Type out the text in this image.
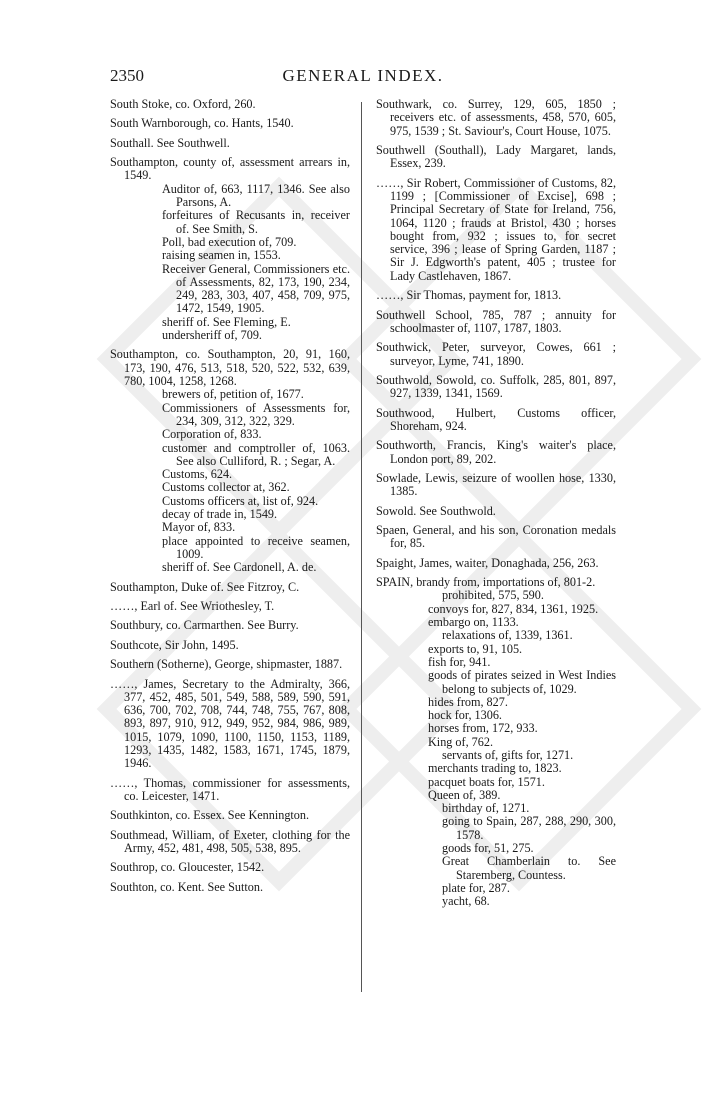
2350	GENERAL INDEX.

South Stoke, co. Oxford, 260.

South Warnborough, co. Hants, 1540.

Southall. See Southwell.

Southampton, county of, assessment arrears in, 1549.

Auditor of, 663, 1117, 1346. See also Parsons, A.

forfeitures of Recusants in, receiver of. See Smith, S.

Poll, bad execution of, 709.

raising seamen in, 1553.

Receiver General, Commissioners etc. of Assessments, 82, 173, 190, 234, 249, 283, 303, 407, 458, 709, 975, 1472, 1549, 1905.

sheriff of. See Fleming, E.

undersheriff of, 709.

Southampton, co. Southampton, 20, 91, 160, 173, 190, 476, 513, 518, 520, 522, 532, 639, 780, 1004, 1258, 1268.

brewers of, petition of, 1677.

Commissioners of Assessments for, 234, 309, 312, 322, 329.

Corporation of, 833.

customer and comptroller of, 1063. See also Culliford, R. ; Segar, A.

Customs, 624.

Customs collector at, 362.

Customs officers at, list of, 924.

decay of trade in, 1549.

Mayor of, 833.

place appointed to receive seamen, 1009.

sheriff of. See Cardonell, A. de.

Southampton, Duke of. See Fitzroy, C.

……, Earl of. See Wriothesley, T.

Southbury, co. Carmarthen. See Burry.

Southcote, Sir John, 1495.

Southern (Sotherne), George, shipmaster, 1887.

……, James, Secretary to the Admiralty, 366, 377, 452, 485, 501, 549, 588, 589, 590, 591, 636, 700, 702, 708, 744, 748, 755, 767, 808, 893, 897, 910, 912, 949, 952, 984, 986, 989, 1015, 1079, 1090, 1100, 1150, 1153, 1189, 1293, 1435, 1482, 1583, 1671, 1745, 1879, 1946.

……, Thomas, commissioner for assessments, co. Leicester, 1471.

Southkinton, co. Essex. See Kennington.

Southmead, William, of Exeter, clothing for the Army, 452, 481, 498, 505, 538, 895.

Southrop, co. Gloucester, 1542.

Southton, co. Kent. See Sutton.

Southwark, co. Surrey, 129, 605, 1850 ; receivers etc. of assessments, 458, 570, 605, 975, 1539 ; St. Saviour's, Court House, 1075.

Southwell (Southall), Lady Margaret, lands, Essex, 239.

……, Sir Robert, Commissioner of Customs, 82, 1199 ; [Commissioner of Excise], 698 ; Principal Secretary of State for Ireland, 756, 1064, 1120 ; frauds at Bristol, 430 ; horses bought from, 932 ; issues to, for secret service, 396 ; lease of Spring Garden, 1187 ; Sir J. Edgworth's patent, 405 ; trustee for Lady Castlehaven, 1867.

……, Sir Thomas, payment for, 1813.

Southwell School, 785, 787 ; annuity for schoolmaster of, 1107, 1787, 1803.

Southwick, Peter, surveyor, Cowes, 661 ; surveyor, Lyme, 741, 1890.

Southwold, Sowold, co. Suffolk, 285, 801, 897, 927, 1339, 1341, 1569.

Southwood, Hulbert, Customs officer, Shoreham, 924.

Southworth, Francis, King's waiter's place, London port, 89, 202.

Sowlade, Lewis, seizure of woollen hose, 1330, 1385.

Sowold. See Southwold.

Spaen, General, and his son, Coronation medals for, 85.

Spaight, James, waiter, Donaghada, 256, 263.

SPAIN, brandy from, importations of, 801-2.

prohibited, 575, 590.

convoys for, 827, 834, 1361, 1925.

embargo on, 1133.

relaxations of, 1339, 1361.

exports to, 91, 105.

fish for, 941.

goods of pirates seized in West Indies belong to subjects of, 1029.

hides from, 827.

hock for, 1306.

horses from, 172, 933.

King of, 762.

servants of, gifts for, 1271.

merchants trading to, 1823.

pacquet boats for, 1571.

Queen of, 389.

birthday of, 1271.

going to Spain, 287, 288, 290, 300, 1578.

goods for, 51, 275.

Great Chamberlain to. See Staremberg, Countess.

plate for, 287.

yacht, 68.
